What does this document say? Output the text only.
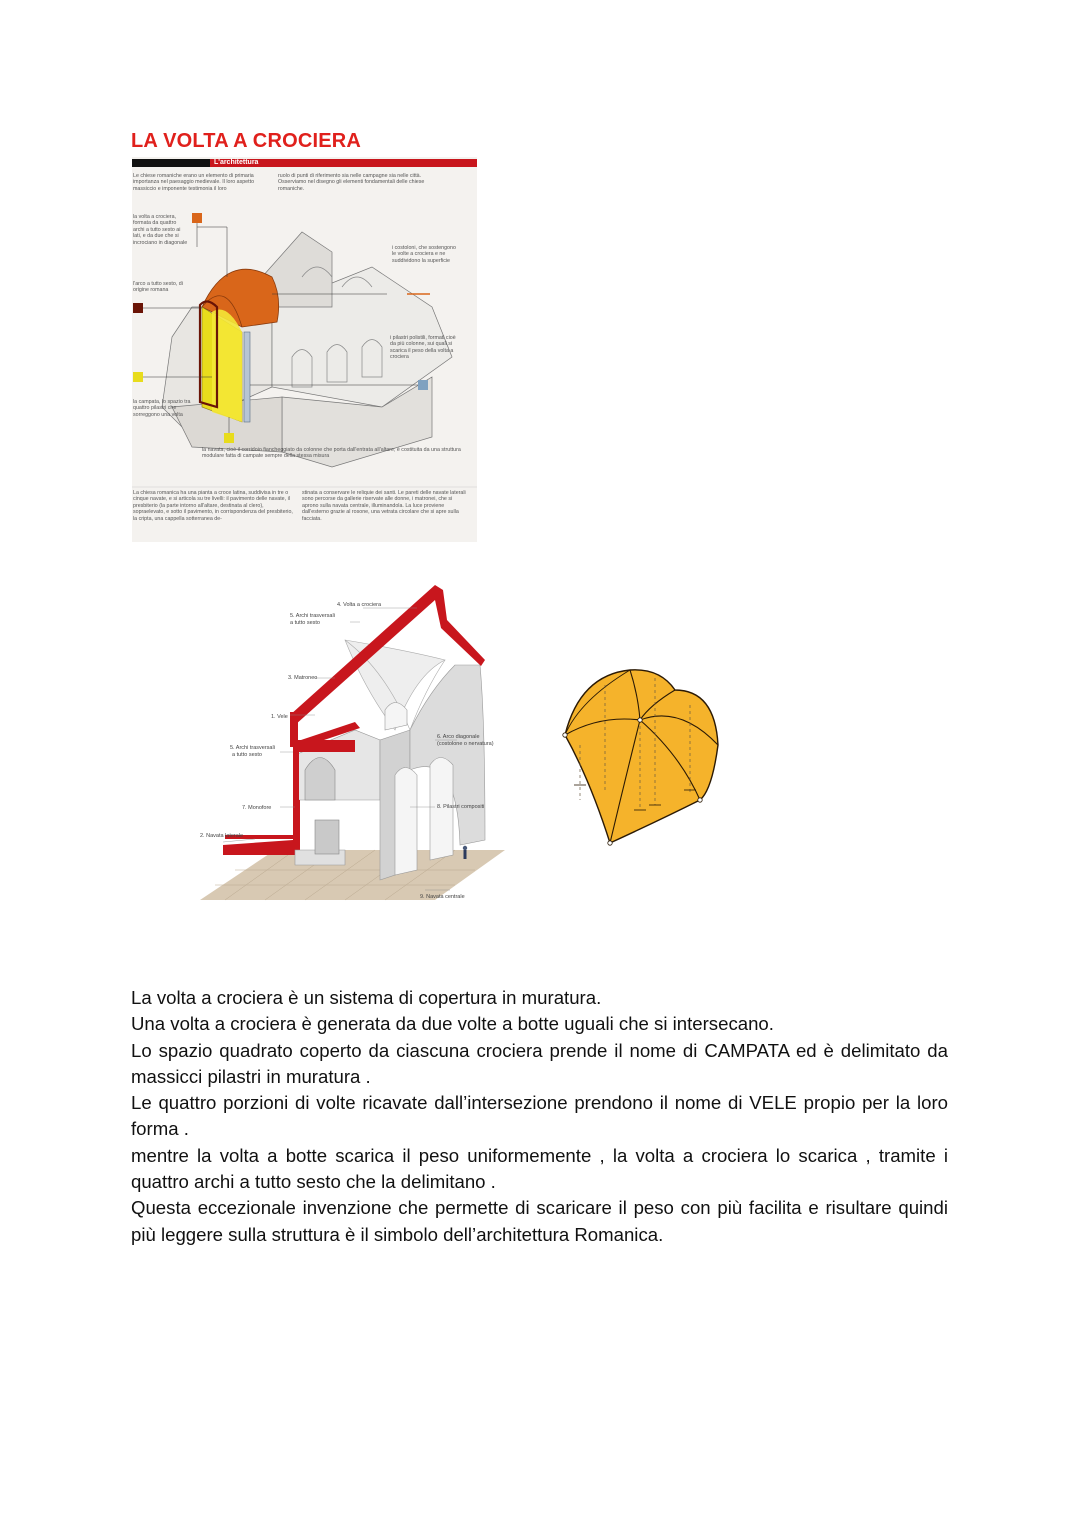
LA VOLTA A CROCIERA
L'architettura
Le chiese romaniche erano un elemento di primaria importanza nel paesaggio medievale. Il loro aspetto massiccio e imponente testimonia il loro
ruolo di punti di riferimento sia nelle campagne sia nelle città. Osserviamo nel disegno gli elementi fondamentali delle chiese romaniche.
la volta a crociera, formata da quattro archi a tutto sesto ai lati, e da due che si incrociano in diagonale
l'arco a tutto sesto, di origine romana
i costoloni, che sostengono le volte a crociera e ne suddividono la superficie
i pilastri polistili, formati cioè da più colonne, sui quali si scarica il peso della volta a crociera
la campata, lo spazio tra quattro pilastri che sorreggono una volta
la navata, cioè il corridoio fiancheggiato da colonne che porta dall'entrata all'altare; è costituita da una struttura modulare fatta di campate sempre della stessa misura
La chiesa romanica ha una pianta a croce latina, suddivisa in tre o cinque navate, e si articola su tre livelli: il pavimento delle navate, il presbiterio (la parte intorno all'altare, destinata al clero), sopraelevato, e sotto il pavimento, in corrispondenza del presbiterio, la cripta, una cappella sotterranea de-
stinata a conservare le reliquie dei santi. Le pareti delle navate laterali sono percorse da gallerie riservate alle donne, i matronei, che si aprono sulla navata centrale, illuminandola. La luce proviene dall'esterno grazie al rosone, una vetrata circolare che si apre sulla facciata.
4. Volta a crociera
5. Archi trasversali
a tutto sesto
3. Matroneo
1. Vele
5. Archi trasversali
a tutto sesto
6. Arco diagonale
(costolone o nervatura)
7. Monofore	8. Pilastri compositi
2. Navata laterale
9. Navata centrale

La volta a crociera è un sistema di copertura in muratura.

Una volta a crociera è generata da due volte a botte uguali che si intersecano.

Lo spazio quadrato coperto da ciascuna crociera prende il nome di CAMPATA ed è delimitato da massicci pilastri in muratura .

Le quattro porzioni di volte ricavate dall’intersezione prendono il nome di VELE propio per la loro forma .

mentre la volta a botte scarica il peso uniformemente , la volta a crociera lo scarica , tramite i quattro archi a tutto sesto che la delimitano .

Questa eccezionale invenzione che permette di scaricare il peso con più facilita e risultare quindi più leggere sulla struttura è il simbolo dell’architettura Romanica.
